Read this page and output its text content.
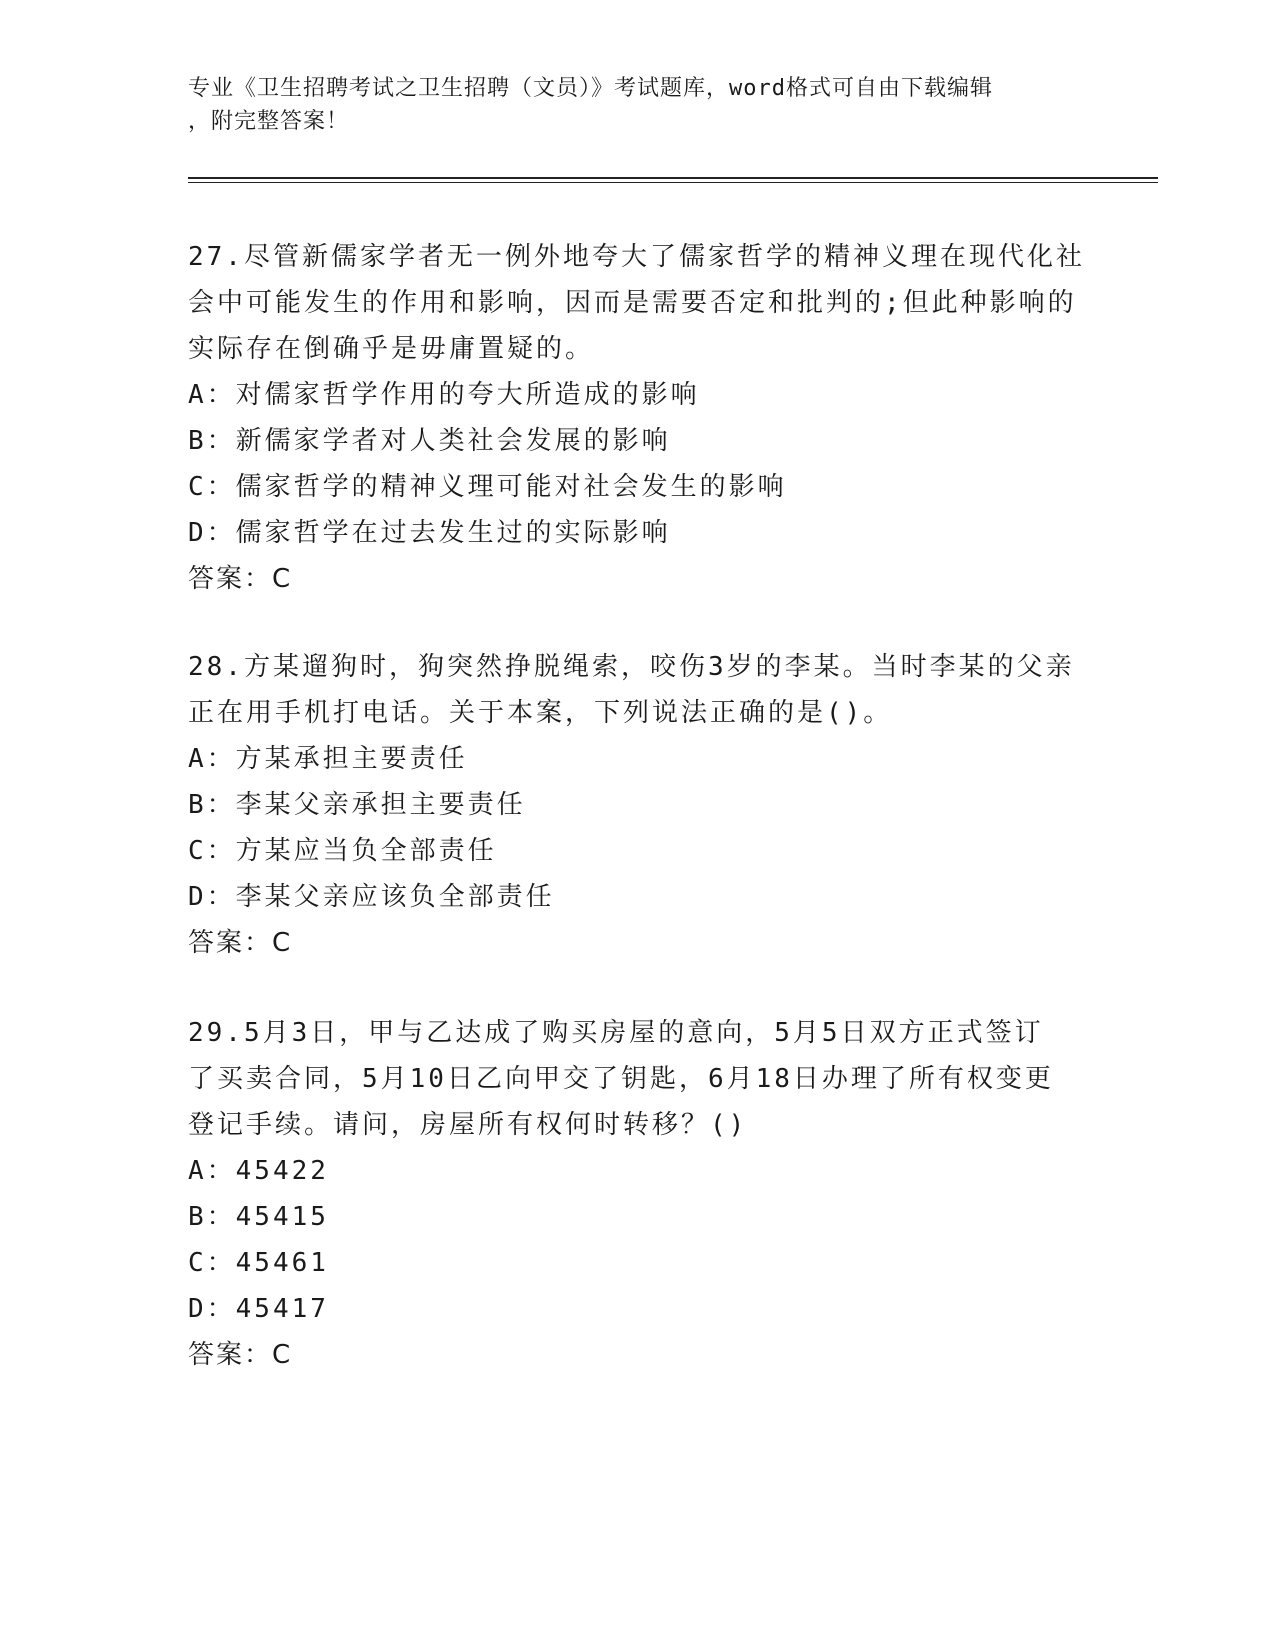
专业《卫生招聘考试之卫生招聘（文员）》考试题库，word格式可自由下载编辑
，附完整答案！
27.尽管新儒家学者无一例外地夸大了儒家哲学的精神义理在现代化社
会中可能发生的作用和影响，因而是需要否定和批判的;但此种影响的
实际存在倒确乎是毋庸置疑的。
A：对儒家哲学作用的夸大所造成的影响
B：新儒家学者对人类社会发展的影响
C：儒家哲学的精神义理可能对社会发生的影响
D：儒家哲学在过去发生过的实际影响
答案：C
28.方某遛狗时，狗突然挣脱绳索，咬伤3岁的李某。当时李某的父亲
正在用手机打电话。关于本案，下列说法正确的是()。
A：方某承担主要责任
B：李某父亲承担主要责任
C：方某应当负全部责任
D：李某父亲应该负全部责任
答案：C
29.5月3日，甲与乙达成了购买房屋的意向，5月5日双方正式签订
了买卖合同，5月10日乙向甲交了钥匙，6月18日办理了所有权变更
登记手续。请问，房屋所有权何时转移？()
A：45422
B：45415
C：45461
D：45417
答案：C
